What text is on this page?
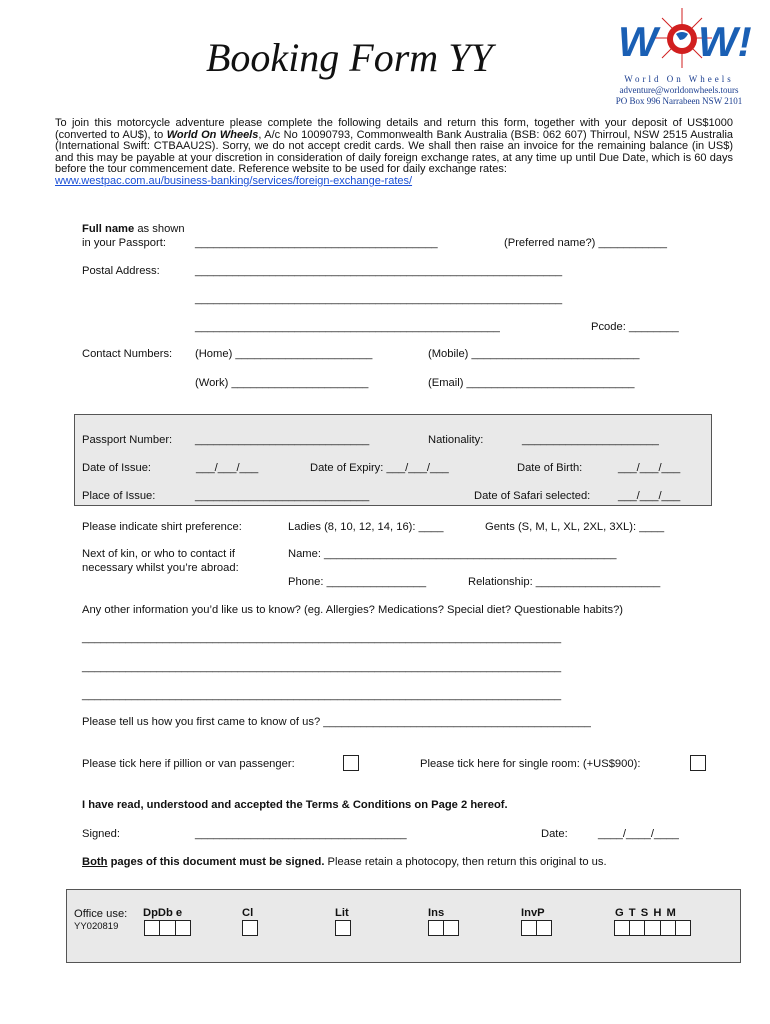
Booking Form YY	W W!
World On Wheels
adventure@worldonwheels.tours
PO Box 996 Narrabeen NSW 2101
To join this motorcycle adventure please complete the following details and return this form, together with your deposit of US$1000 (converted to AU$), to World On Wheels, A/c No 10090793, Commonwealth Bank Australia (BSB: 062 607) Thirroul, NSW 2515 Australia (International Swift: CTBAAU2S). Sorry, we do not accept credit cards. We shall then raise an invoice for the remaining balance (in US$) and this may be payable at your discretion in consideration of daily foreign exchange rates, at any time up until Due Date, which is 60 days before the tour commencement date. Reference website to be used for daily exchange rates:
www.westpac.com.au/business-banking/services/foreign-exchange-rates/
Full name as shown
in your Passport:	_______________________________________	(Preferred name?) ___________
Postal Address:	___________________________________________________________
___________________________________________________________
_________________________________________________	Pcode: ________
Contact Numbers: (Home) ______________________	(Mobile) ___________________________
(Work) ______________________	(Email) ___________________________
Passport Number: ____________________________	Nationality:	______________________
Date of Issue:	___/___/___	Date of Expiry: ___/___/___	Date of Birth:	___/___/___
Place of Issue:	____________________________	Date of Safari selected: ___/___/___
Please indicate shirt preference:	Ladies (8, 10, 12, 14, 16): ____	Gents (S, M, L, XL, 2XL, 3XL): ____
Next of kin, or who to contact if
necessary whilst you’re abroad:
Name: _______________________________________________
Phone: ________________	Relationship: ____________________
Any other information you’d like us to know? (eg. Allergies? Medications? Special diet? Questionable habits?)
_____________________________________________________________________________
_____________________________________________________________________________
_____________________________________________________________________________
Please tell us how you first came to know of us? ___________________________________________
Please tick here if pillion or van passenger:	Please tick here for single room: (+US$900):
I have read, understood and accepted the Terms & Conditions on Page 2 hereof.
Signed:	__________________________________	Date:	____/____/____
Both pages of this document must be signed. Please retain a photocopy, then return this original to us.
Office use:
YY020819
DpDb e	Cl	Lit	Ins	InvP	G T S H M
